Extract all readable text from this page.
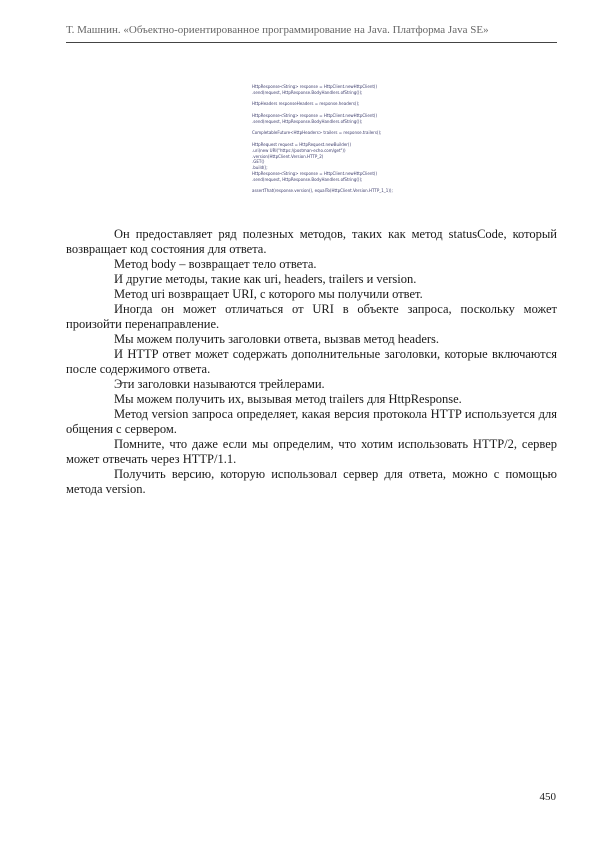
Т. Машнин. «Объектно-ориентированное программирование на Java. Платформа Java SE»
HttpResponse<String> response = HttpClient.newHttpClient()
.send(request, HttpResponse.BodyHandlers.ofString());
HttpHeaders responseHeaders = response.headers();
HttpResponse<String> response = HttpClient.newHttpClient()
.send(request, HttpResponse.BodyHandlers.ofString());
CompletableFuture<HttpHeaders> trailers = response.trailers();
HttpRequest request = HttpRequest.newBuilder()
.uri(new URI("https://postman-echo.com/get"))
.version(HttpClient.Version.HTTP_2)
.GET()
.build();
HttpResponse<String> response = HttpClient.newHttpClient()
.send(request, HttpResponse.BodyHandlers.ofString());
assertThat(response.version(), equalTo(HttpClient.Version.HTTP_1_1));

Он предоставляет ряд полезных методов, таких как метод statusCode, который возвращает код состояния для ответа.

Метод body – возвращает тело ответа.

И другие методы, такие как uri, headers, trailers и version.

Метод uri возвращает URI, с которого мы получили ответ.

Иногда он может отличаться от URI в объекте запроса, поскольку может произойти перенаправление.

Мы можем получить заголовки ответа, вызвав метод headers.

И HTTP ответ может содержать дополнительные заголовки, которые включаются после содержимого ответа.

Эти заголовки называются трейлерами.

Мы можем получить их, вызывая метод trailers для HttpResponse.

Метод version запроса определяет, какая версия протокола HTTP используется для общения с сервером.

Помните, что даже если мы определим, что хотим использовать HTTP/2, сервер может отвечать через HTTP/1.1.

Получить версию, которую использовал сервер для ответа, можно с помощью метода version.

450
